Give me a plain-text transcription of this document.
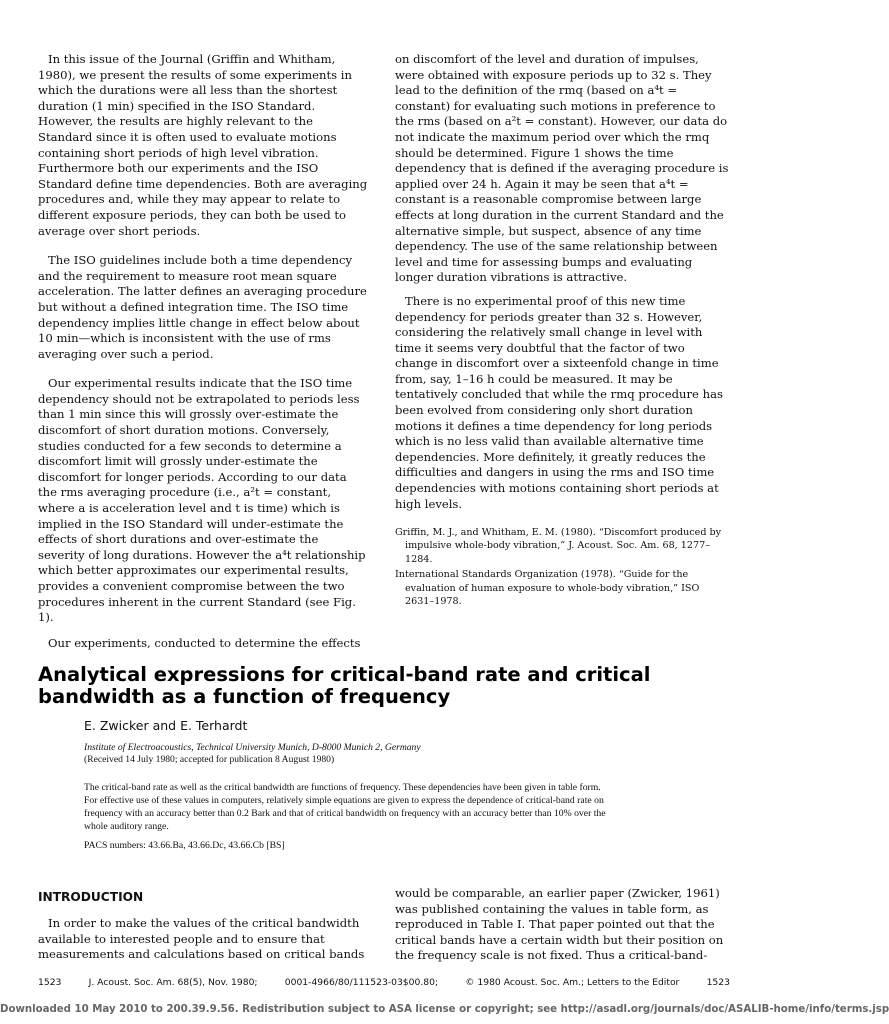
In this issue of the Journal (Griffin and Whitham, 1980), we present the results of some experiments in which the durations were all less than the shortest duration (1 min) specified in the ISO Standard. However, the results are highly relevant to the Standard since it is often used to evaluate motions containing short periods of high level vibration. Furthermore both our experiments and the ISO Standard define time dependencies. Both are averaging procedures and, while they may appear to relate to different exposure periods, they can both be used to average over short periods.

The ISO guidelines include both a time dependency and the requirement to measure root mean square acceleration. The latter defines an averaging procedure but without a defined integration time. The ISO time dependency implies little change in effect below about 10 min—which is inconsistent with the use of rms averaging over such a period.

Our experimental results indicate that the ISO time dependency should not be extrapolated to periods less than 1 min since this will grossly over-estimate the discomfort of short duration motions. Conversely, studies conducted for a few seconds to determine a discomfort limit will grossly under-estimate the discomfort for longer periods. According to our data the rms averaging procedure (i.e., a²t = constant, where a is acceleration level and t is time) which is implied in the ISO Standard will under-estimate the effects of short durations and over-estimate the severity of long durations. However the a⁴t relationship which better approximates our experimental results, provides a convenient compromise between the two procedures inherent in the current Standard (see Fig. 1).

Our experiments, conducted to determine the effects

on discomfort of the level and duration of impulses, were obtained with exposure periods up to 32 s. They lead to the definition of the rmq (based on a⁴t = constant) for evaluating such motions in preference to the rms (based on a²t = constant). However, our data do not indicate the maximum period over which the rmq should be determined. Figure 1 shows the time dependency that is defined if the averaging procedure is applied over 24 h. Again it may be seen that a⁴t = constant is a reasonable compromise between large effects at long duration in the current Standard and the alternative simple, but suspect, absence of any time dependency. The use of the same relationship between level and time for assessing bumps and evaluating longer duration vibrations is attractive.

There is no experimental proof of this new time dependency for periods greater than 32 s. However, considering the relatively small change in level with time it seems very doubtful that the factor of two change in discomfort over a sixteenfold change in time from, say, 1–16 h could be measured. It may be tentatively concluded that while the rmq procedure has been evolved from considering only short duration motions it defines a time dependency for long periods which is no less valid than available alternative time dependencies. More definitely, it greatly reduces the difficulties and dangers in using the rms and ISO time dependencies with motions containing short periods at high levels.

Griffin, M. J., and Whitham, E. M. (1980). “Discomfort produced by impulsive whole-body vibration,” J. Acoust. Soc. Am. 68, 1277–1284.
International Standards Organization (1978). “Guide for the evaluation of human exposure to whole-body vibration,” ISO 2631–1978.
Analytical expressions for critical-band rate and critical bandwidth as a function of frequency
E. Zwicker and E. Terhardt
Institute of Electroacoustics, Technical University Munich, D-8000 Munich 2, Germany
(Received 14 July 1980; accepted for publication 8 August 1980)

The critical-band rate as well as the critical bandwidth are functions of frequency. These dependencies have been given in table form. For effective use of these values in computers, relatively simple equations are given to express the dependence of critical-band rate on frequency with an accuracy better than 0.2 Bark and that of critical bandwidth on frequency with an accuracy better than 10% over the whole auditory range.

PACS numbers: 43.66.Ba, 43.66.Dc, 43.66.Cb [BS]
INTRODUCTION

In order to make the values of the critical bandwidth available to interested people and to ensure that measurements and calculations based on critical bands

would be comparable, an earlier paper (Zwicker, 1961) was published containing the values in table form, as reproduced in Table I. That paper pointed out that the critical bands have a certain width but their position on the frequency scale is not fixed. Thus a critical-band-

1523	J. Acoust. Soc. Am. 68(5), Nov. 1980;	0001-4966/80/111523-03$00.80;	© 1980 Acoust. Soc. Am.; Letters to the Editor	1523
Downloaded 10 May 2010 to 200.39.9.56. Redistribution subject to ASA license or copyright; see http://asadl.org/journals/doc/ASALIB-home/info/terms.jsp
